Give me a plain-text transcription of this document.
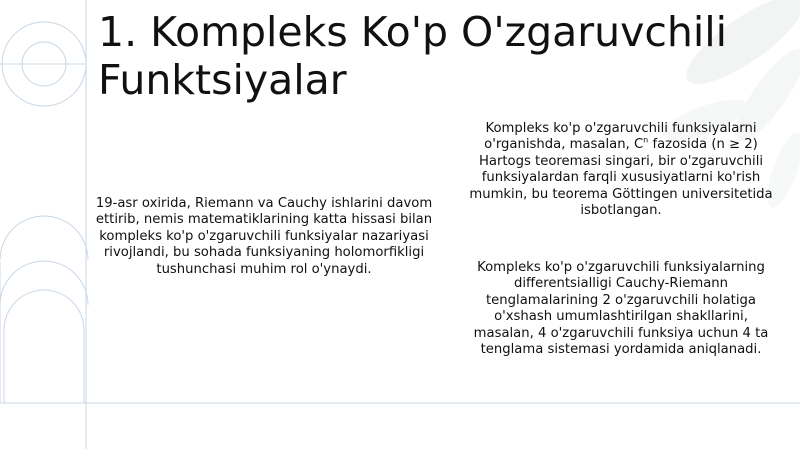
1. Kompleks Ko'p O'zgaruvchili
Funktsiyalar

19-asr oxirida, Riemann va Cauchy ishlarini davom ettirib, nemis matematiklarining katta hissasi bilan kompleks ko'p o'zgaruvchili funksiyalar nazariyasi rivojlandi, bu sohada funksiyaning holomorfikligi tushunchasi muhim rol o'ynaydi.

Kompleks ko'p o'zgaruvchili funksiyalarni o'rganishda, masalan, $C^n$ fazosida (n ≥ 2) Hartogs teoremasi singari, bir o'zgaruvchili funksiyalardan farqli xususiyatlarni ko'rish mumkin, bu teorema Göttingen universitetida isbotlangan.

Kompleks ko'p o'zgaruvchili funksiyalarning differentsialligi Cauchy-Riemann tenglamalarining 2 o'zgaruvchili holatiga o'xshash umumlashtirilgan shakllarini, masalan, 4 o'zgaruvchili funksiya uchun 4 ta tenglama sistemasi yordamida aniqlanadi.
